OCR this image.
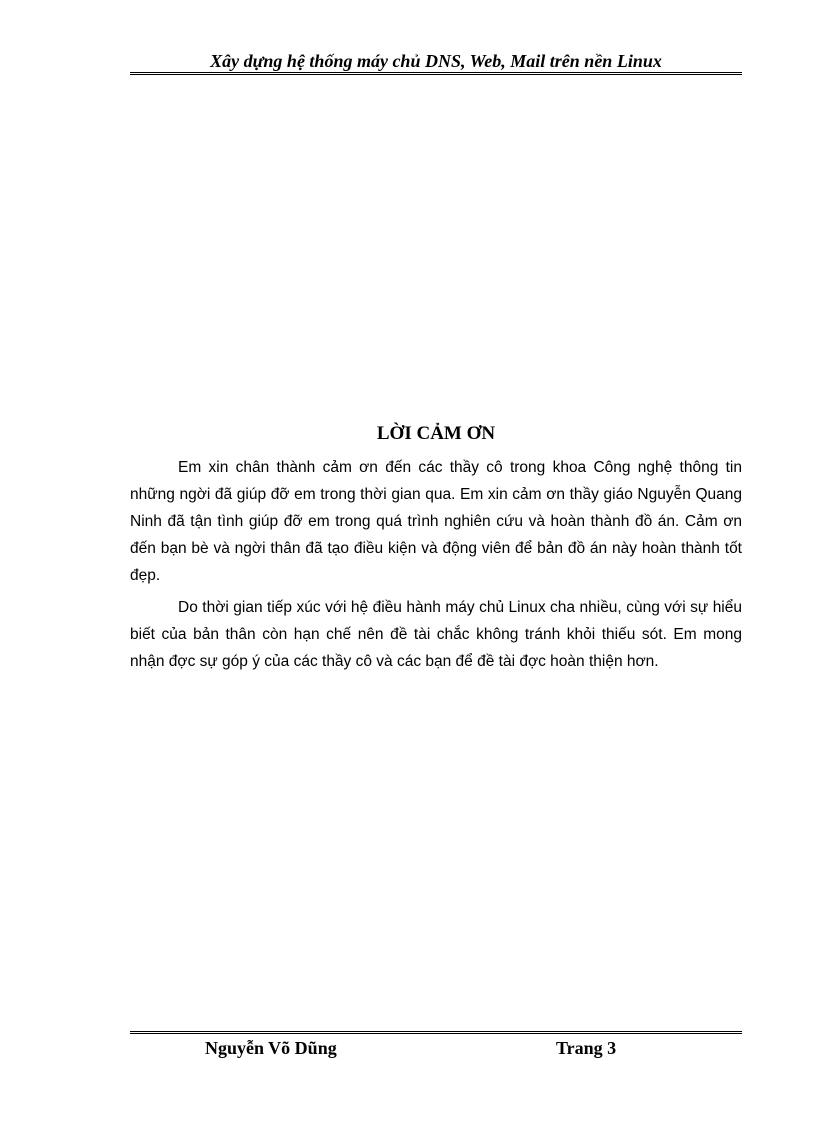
Xây dựng hệ thống máy chủ DNS, Web, Mail trên nền Linux
LỜI CẢM ƠN

Em xin chân thành cảm ơn đến các thầy cô trong khoa Công nghệ thông tin những ngời đã giúp đỡ em trong thời gian qua. Em xin cảm ơn thầy giáo Nguyễn Quang Ninh đã tận tình giúp đỡ em trong quá trình nghiên cứu và hoàn thành đồ án. Cảm ơn đến bạn bè và ngời thân đã tạo điều kiện và động viên để bản đồ án này hoàn thành tốt đẹp.

Do thời gian tiếp xúc với hệ điều hành máy chủ Linux cha nhiều, cùng với sự hiểu biết của bản thân còn hạn chế nên đề tài chắc không tránh khỏi thiếu sót. Em mong nhận đợc sự góp ý của các thầy cô và các bạn để đề tài đợc hoàn thiện hơn.

Nguyễn Võ Dũng	Trang 3
